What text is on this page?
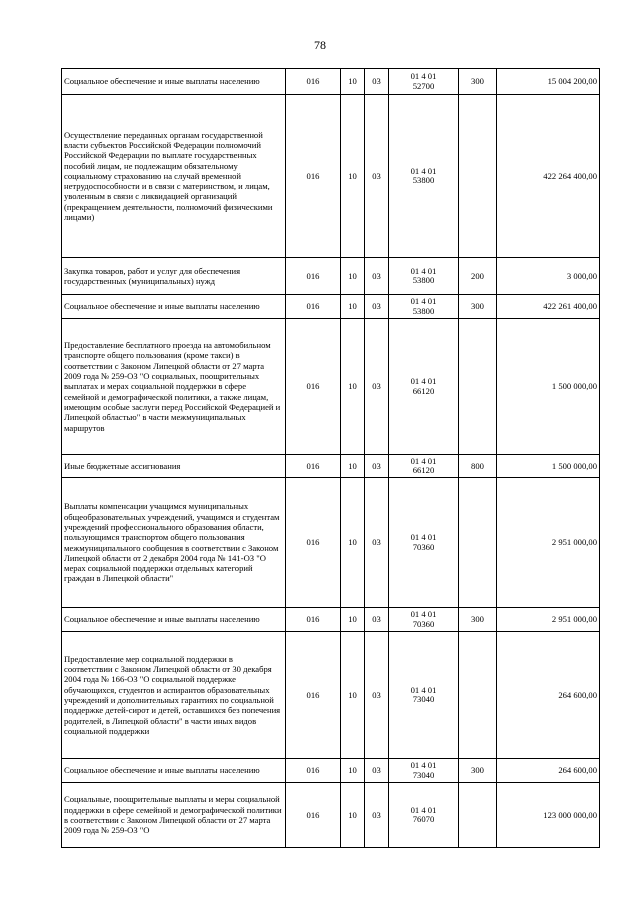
78
Социальное обеспечение и иные выплаты населению	016	10	03	01 4 01
52700	300	15 004 200,00
Осуществление переданных органам государственной власти субъектов Российской Федерации полномочий Российской Федерации по выплате государственных пособий лицам, не подлежащим обязательному социальному страхованию на случай временной нетрудоспособности и в связи с материнством, и лицам, уволенным в связи с ликвидацией организаций (прекращением деятельности, полномочий физическими лицами)	016	10	03	01 4 01
53800		422 264 400,00
Закупка товаров, работ и услуг для обеспечения государственных (муниципальных) нужд	016	10	03	01 4 01
53800	200	3 000,00
Социальное обеспечение и иные выплаты населению	016	10	03	01 4 01
53800	300	422 261 400,00
Предоставление бесплатного проезда на автомобильном транспорте общего пользования (кроме такси) в соответствии с Законом Липецкой области от 27 марта 2009 года № 259-ОЗ "О социальных, поощрительных выплатах и мерах социальной поддержки в сфере семейной и демографической политики, а также лицам, имеющим особые заслуги перед Российской Федерацией и Липецкой областью" в части межмуниципальных маршрутов	016	10	03	01 4 01
66120		1 500 000,00
Иные бюджетные ассигнования	016	10	03	01 4 01
66120	800	1 500 000,00
Выплаты компенсации учащимся муниципальных общеобразовательных учреждений, учащимся и студентам учреждений профессионального образования области, пользующимся транспортом общего пользования межмуниципального сообщения в соответствии с Законом Липецкой области от 2 декабря 2004 года № 141-ОЗ "О мерах социальной поддержки отдельных категорий граждан в Липецкой области"	016	10	03	01 4 01
70360		2 951 000,00
Социальное обеспечение и иные выплаты населению	016	10	03	01 4 01
70360	300	2 951 000,00
Предоставление мер социальной поддержки в соответствии с Законом Липецкой области от 30 декабря 2004 года № 166-ОЗ "О социальной поддержке обучающихся, студентов и аспирантов образовательных учреждений и дополнительных гарантиях по социальной поддержке детей-сирот и детей, оставшихся без попечения родителей, в Липецкой области" в части иных видов социальной поддержки	016	10	03	01 4 01
73040		264 600,00
Социальное обеспечение и иные выплаты населению	016	10	03	01 4 01
73040	300	264 600,00
Социальные, поощрительные выплаты и меры социальной поддержки в сфере семейной и демографической политики в соответствии с Законом Липецкой области от 27 марта 2009 года № 259-ОЗ "О	016	10	03	01 4 01
76070		123 000 000,00
